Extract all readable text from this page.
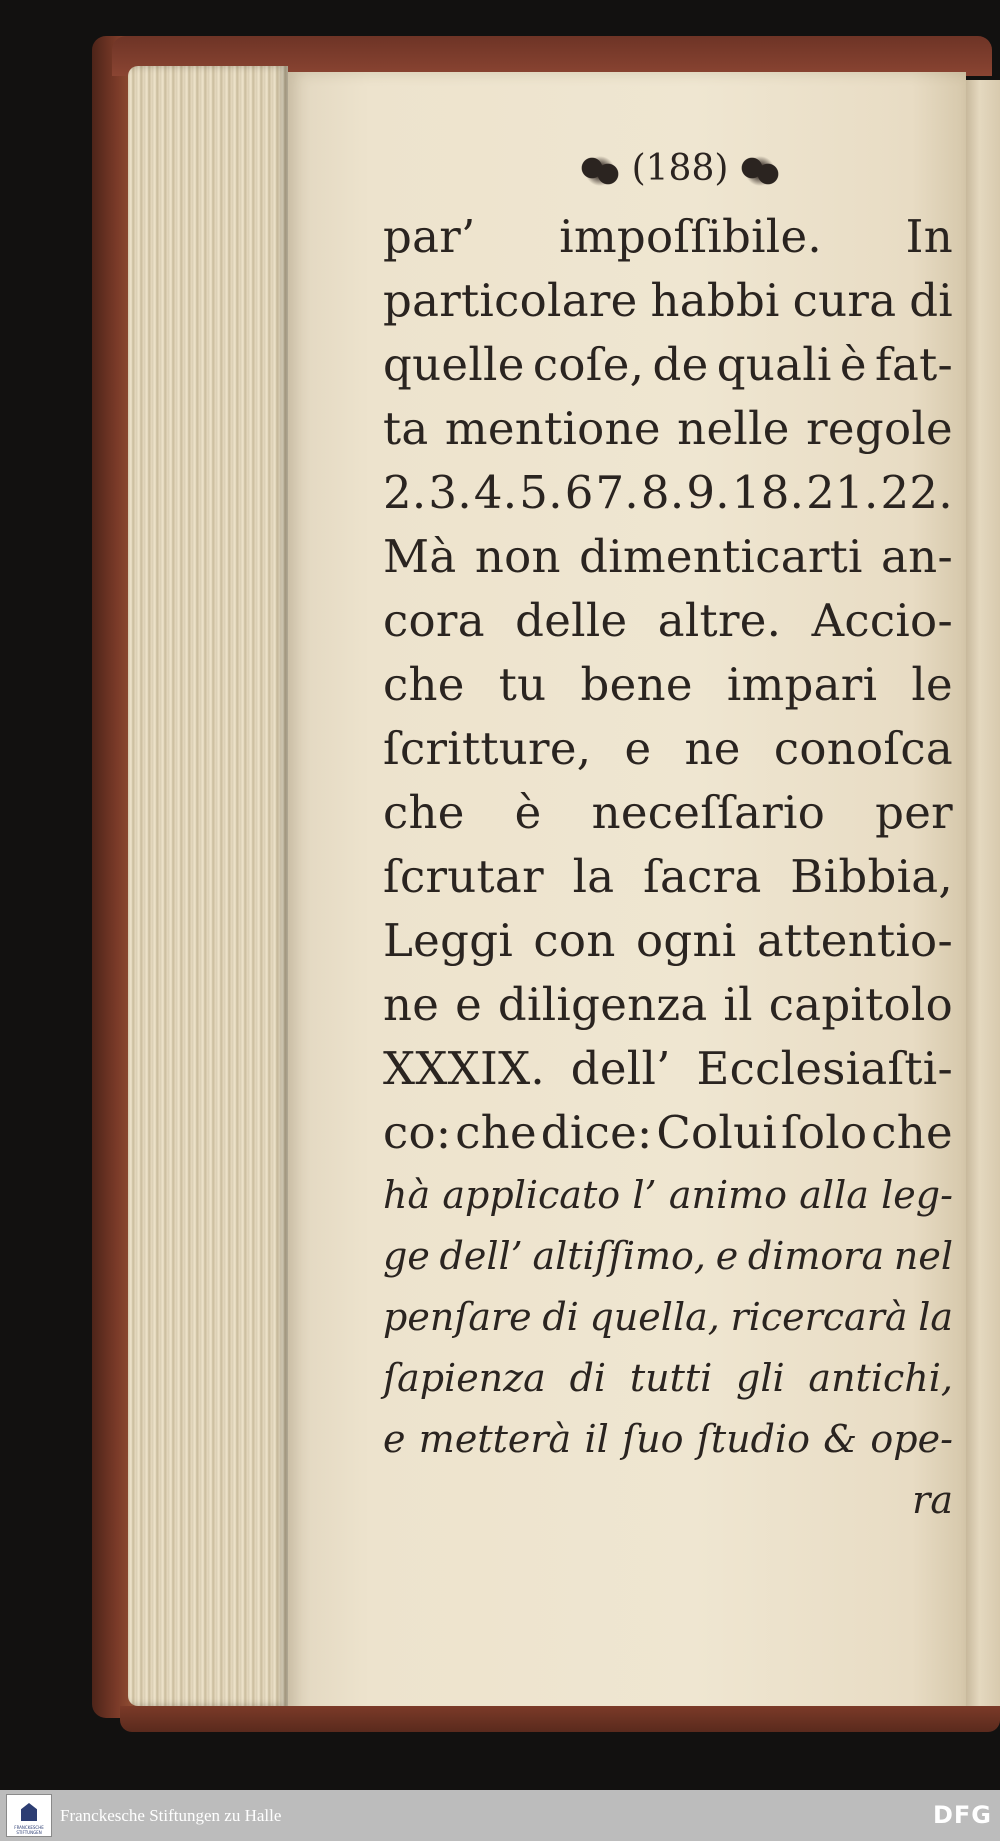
(188)
par’ impoſſibile. In
particolare habbi cura di
quelle coſe, de quali è fat-
ta mentione nelle regole
2. 3. 4. 5. 6 7. 8. 9. 18. 21. 22.
Mà non dimenticarti an-
cora delle altre. Accio-
che tu bene impari le
ſcritture, e ne conoſca
che è neceſſario per
ſcrutar la ſacra Bibbia,
Leggi con ogni attentio-
ne e diligenza il capitolo
XXXIX. dell’ Ecclesiaſti-
co: che dice: Colui ſolo che
hà applicato l’ animo alla leg-
ge dell’ altiſſimo, e dimora nel
penſare di quella, ricercarà la
ſapienza di tutti gli antichi,
e metterà il ſuo ſtudio & ope-
ra
FRANCKESCHE STIFTUNGEN
Franckesche Stiftungen zu Halle	DFG
